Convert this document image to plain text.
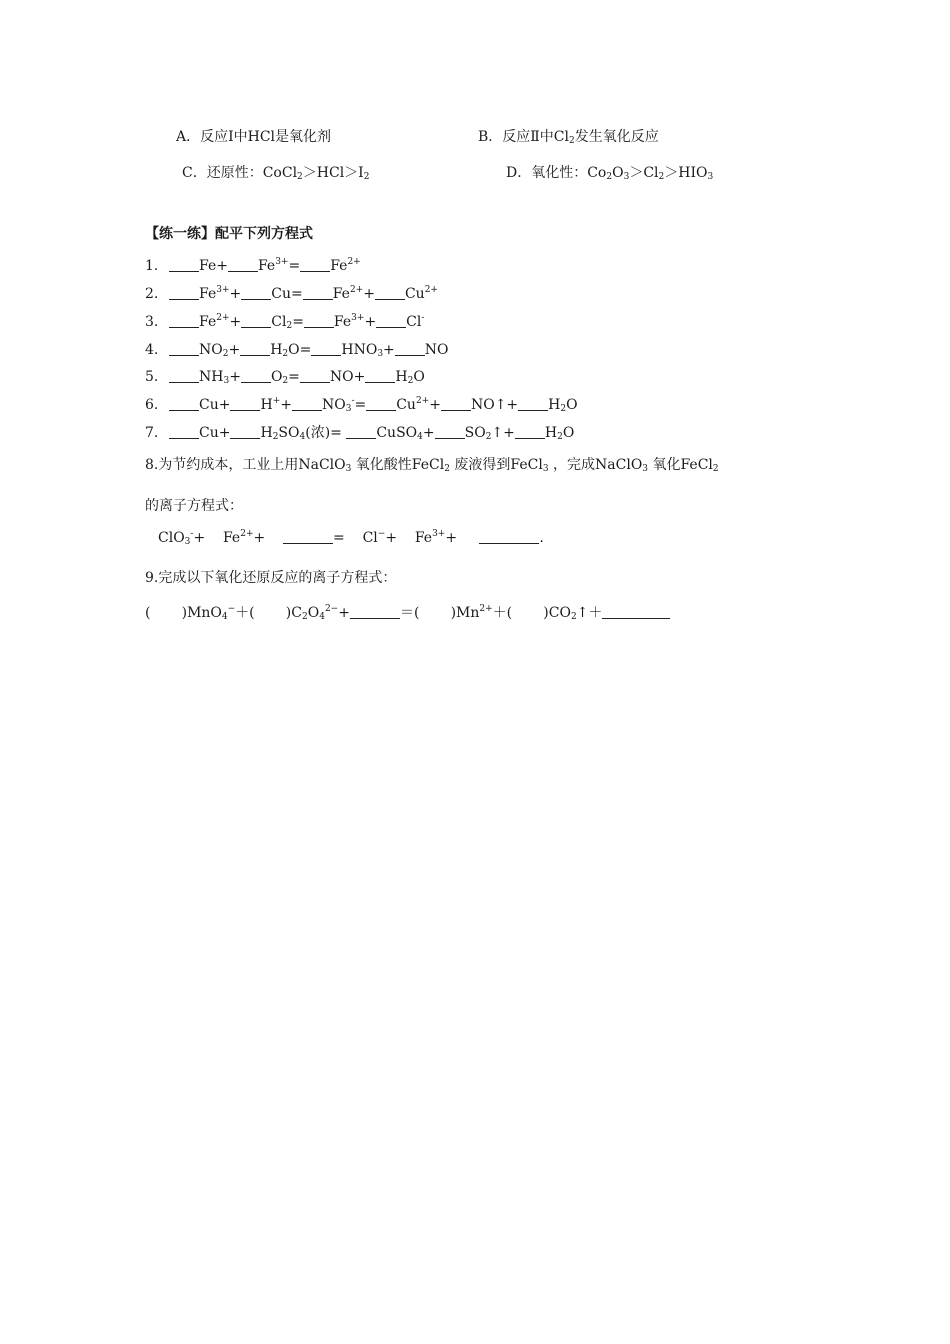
A．反应Ⅰ中HCl是氧化剂	B．反应Ⅱ中$Cl_2$发生氧化反应
C．还原性：$CoCl_2>HCl>I_2$	D．氧化性：$Co_2O_3>Cl_2>HIO_3$
【练一练】配平下列方程式
1.	$Fe+ Fe^{3+}= Fe^{2+}$
2.	$Fe^{3+}+ Cu= Fe^{2+}+ Cu^{2+}$
3.	$Fe^{2+}+ Cl_2= Fe^{3+}+ Cl^-$
4.	$NO_2+ H_2O= HNO_3+$ NO
5.	$NH_3+ O_2= NO+ H_2O$
6.	$Cu+ H^++ NO_3^-= Cu^{2+}+$ NO↑+ $H_2O$
7.	$Cu+ H_2SO_4$(浓)= CuSO$_4$+ $SO_2↑+ H_2O$
8.为节约成本，工业上用NaClO$_3$ 氧化酸性FeCl$_2$ 废液得到FeCl$_3$ ，完成NaClO$_3$ 氧化FeCl$_2$
的离子方程式：
ClO$_3$-+    $Fe^{2+}+$	=    Cl−+    $Fe^{3+}+$	.
9.完成以下氧化还原反应的离子方程式：
(       )MnO$_4$−＋(       )$C_2O_4^{2-}+$	＝(       )$Mn^{2+}+$(       )$CO_2↑+$
